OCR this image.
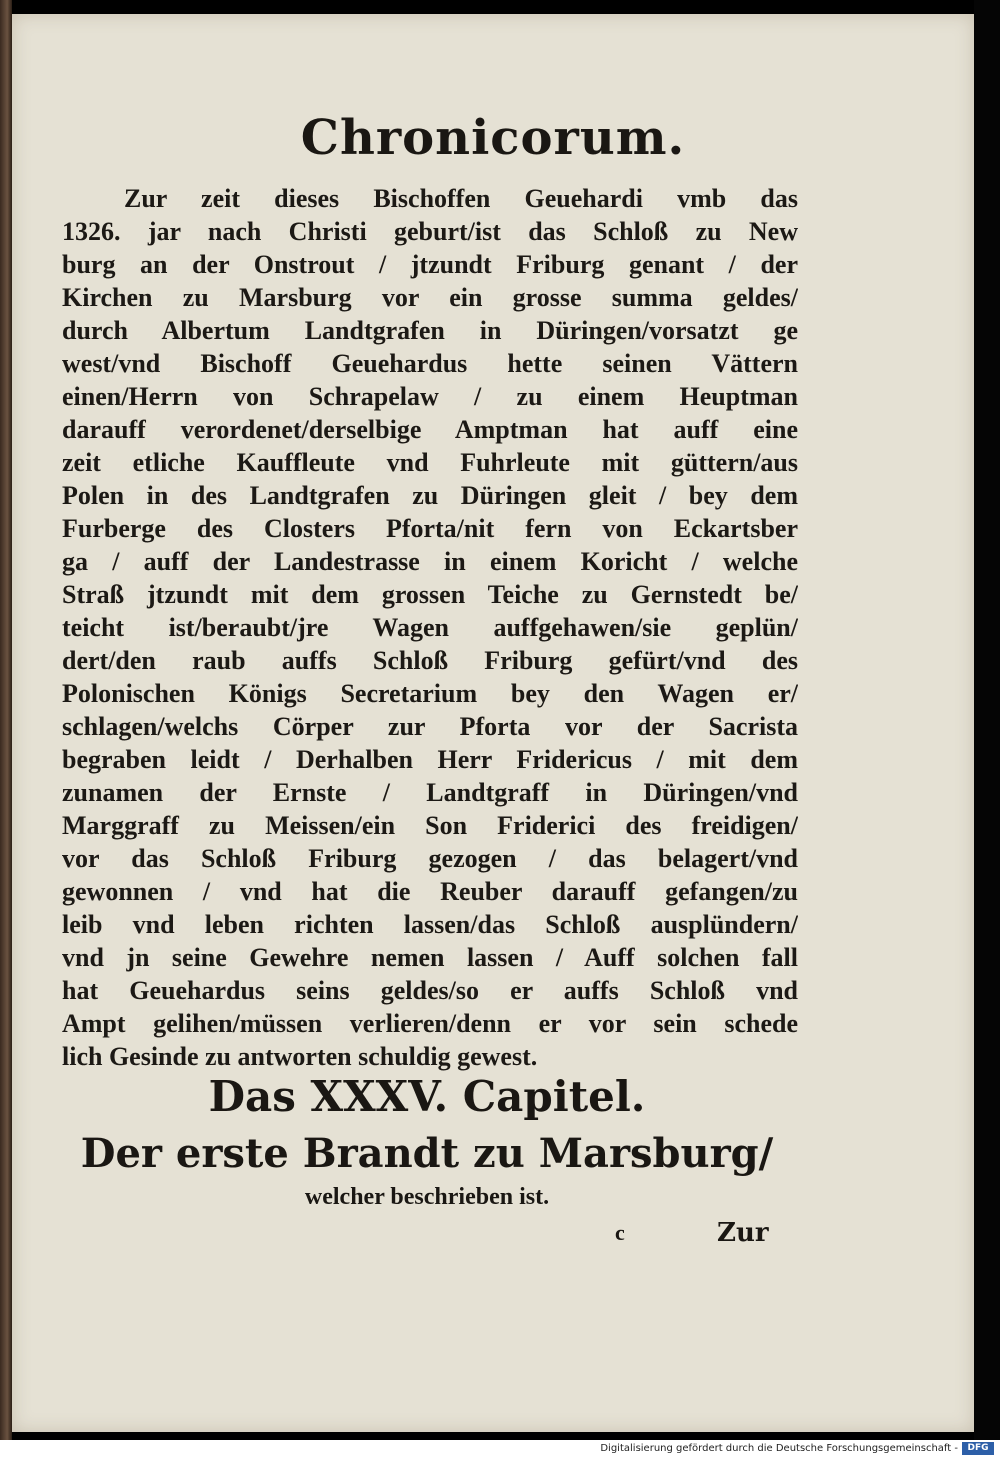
Chronicorum.
Zur zeit dieses Bischoffen Geuehardi vmb das
1326. jar nach Christi geburt/ist das Schloß zu New
burg an der Onstrout / jtzundt Friburg genant / der
Kirchen zu Marsburg vor ein grosse summa geldes/
durch Albertum Landtgrafen in Düringen/vorsatzt ge
west/vnd Bischoff Geuehardus hette seinen Vättern
einen/Herrn von Schrapelaw / zu einem Heuptman
darauff verordenet/derselbige Amptman hat auff eine
zeit etliche Kauffleute vnd Fuhrleute mit güttern/aus
Polen in des Landtgrafen zu Düringen gleit / bey dem
Furberge des Closters Pforta/nit fern von Eckartsber
ga / auff der Landestrasse in einem Koricht / welche
Straß jtzundt mit dem grossen Teiche zu Gernstedt be/
teicht ist/beraubt/jre Wagen auffgehawen/sie geplün/
dert/den raub auffs Schloß Friburg gefürt/vnd des
Polonischen Königs Secretarium bey den Wagen er/
schlagen/welchs Cörper zur Pforta vor der Sacrista
begraben leidt / Derhalben Herr Fridericus / mit dem
zunamen der Ernste / Landtgraff in Düringen/vnd
Marggraff zu Meissen/ein Son Friderici des freidigen/
vor das Schloß Friburg gezogen / das belagert/vnd
gewonnen / vnd hat die Reuber darauff gefangen/zu
leib vnd leben richten lassen/das Schloß ausplündern/
vnd jn seine Gewehre nemen lassen / Auff solchen fall
hat Geuehardus seins geldes/so er auffs Schloß vnd
Ampt gelihen/müssen verlieren/denn er vor sein schede
lich Gesinde zu antworten schuldig gewest.
Das XXXV. Capitel.
Der erste Brandt zu Marsburg/
welcher beschrieben ist.
c	Zur
Digitalisierung gefördert durch die Deutsche Forschungsgemeinschaft -	DFG
